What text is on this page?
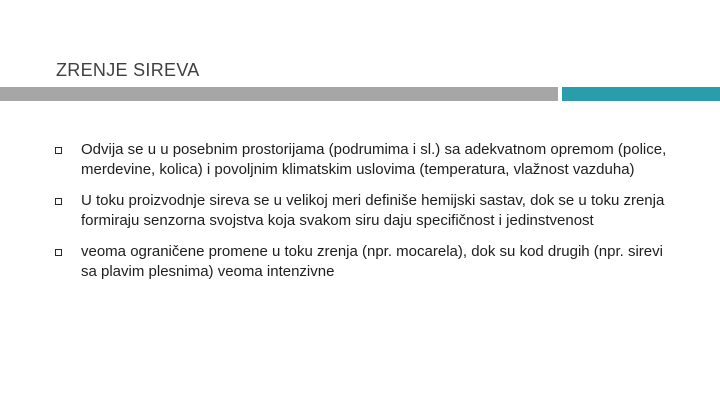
ZRENJE SIREVA
Odvija se u u posebnim prostorijama (podrumima i sl.) sa adekvatnom opremom (police, merdevine, kolica) i povoljnim klimatskim uslovima (temperatura, vlažnost vazduha)
U toku proizvodnje sireva se u velikoj meri definiše hemijski sastav, dok se u toku zrenja formiraju senzorna svojstva koja svakom siru daju specifičnost i jedinstvenost
veoma ograničene promene u toku zrenja (npr. mocarela), dok su kod drugih (npr. sirevi sa plavim plesnima) veoma intenzivne
